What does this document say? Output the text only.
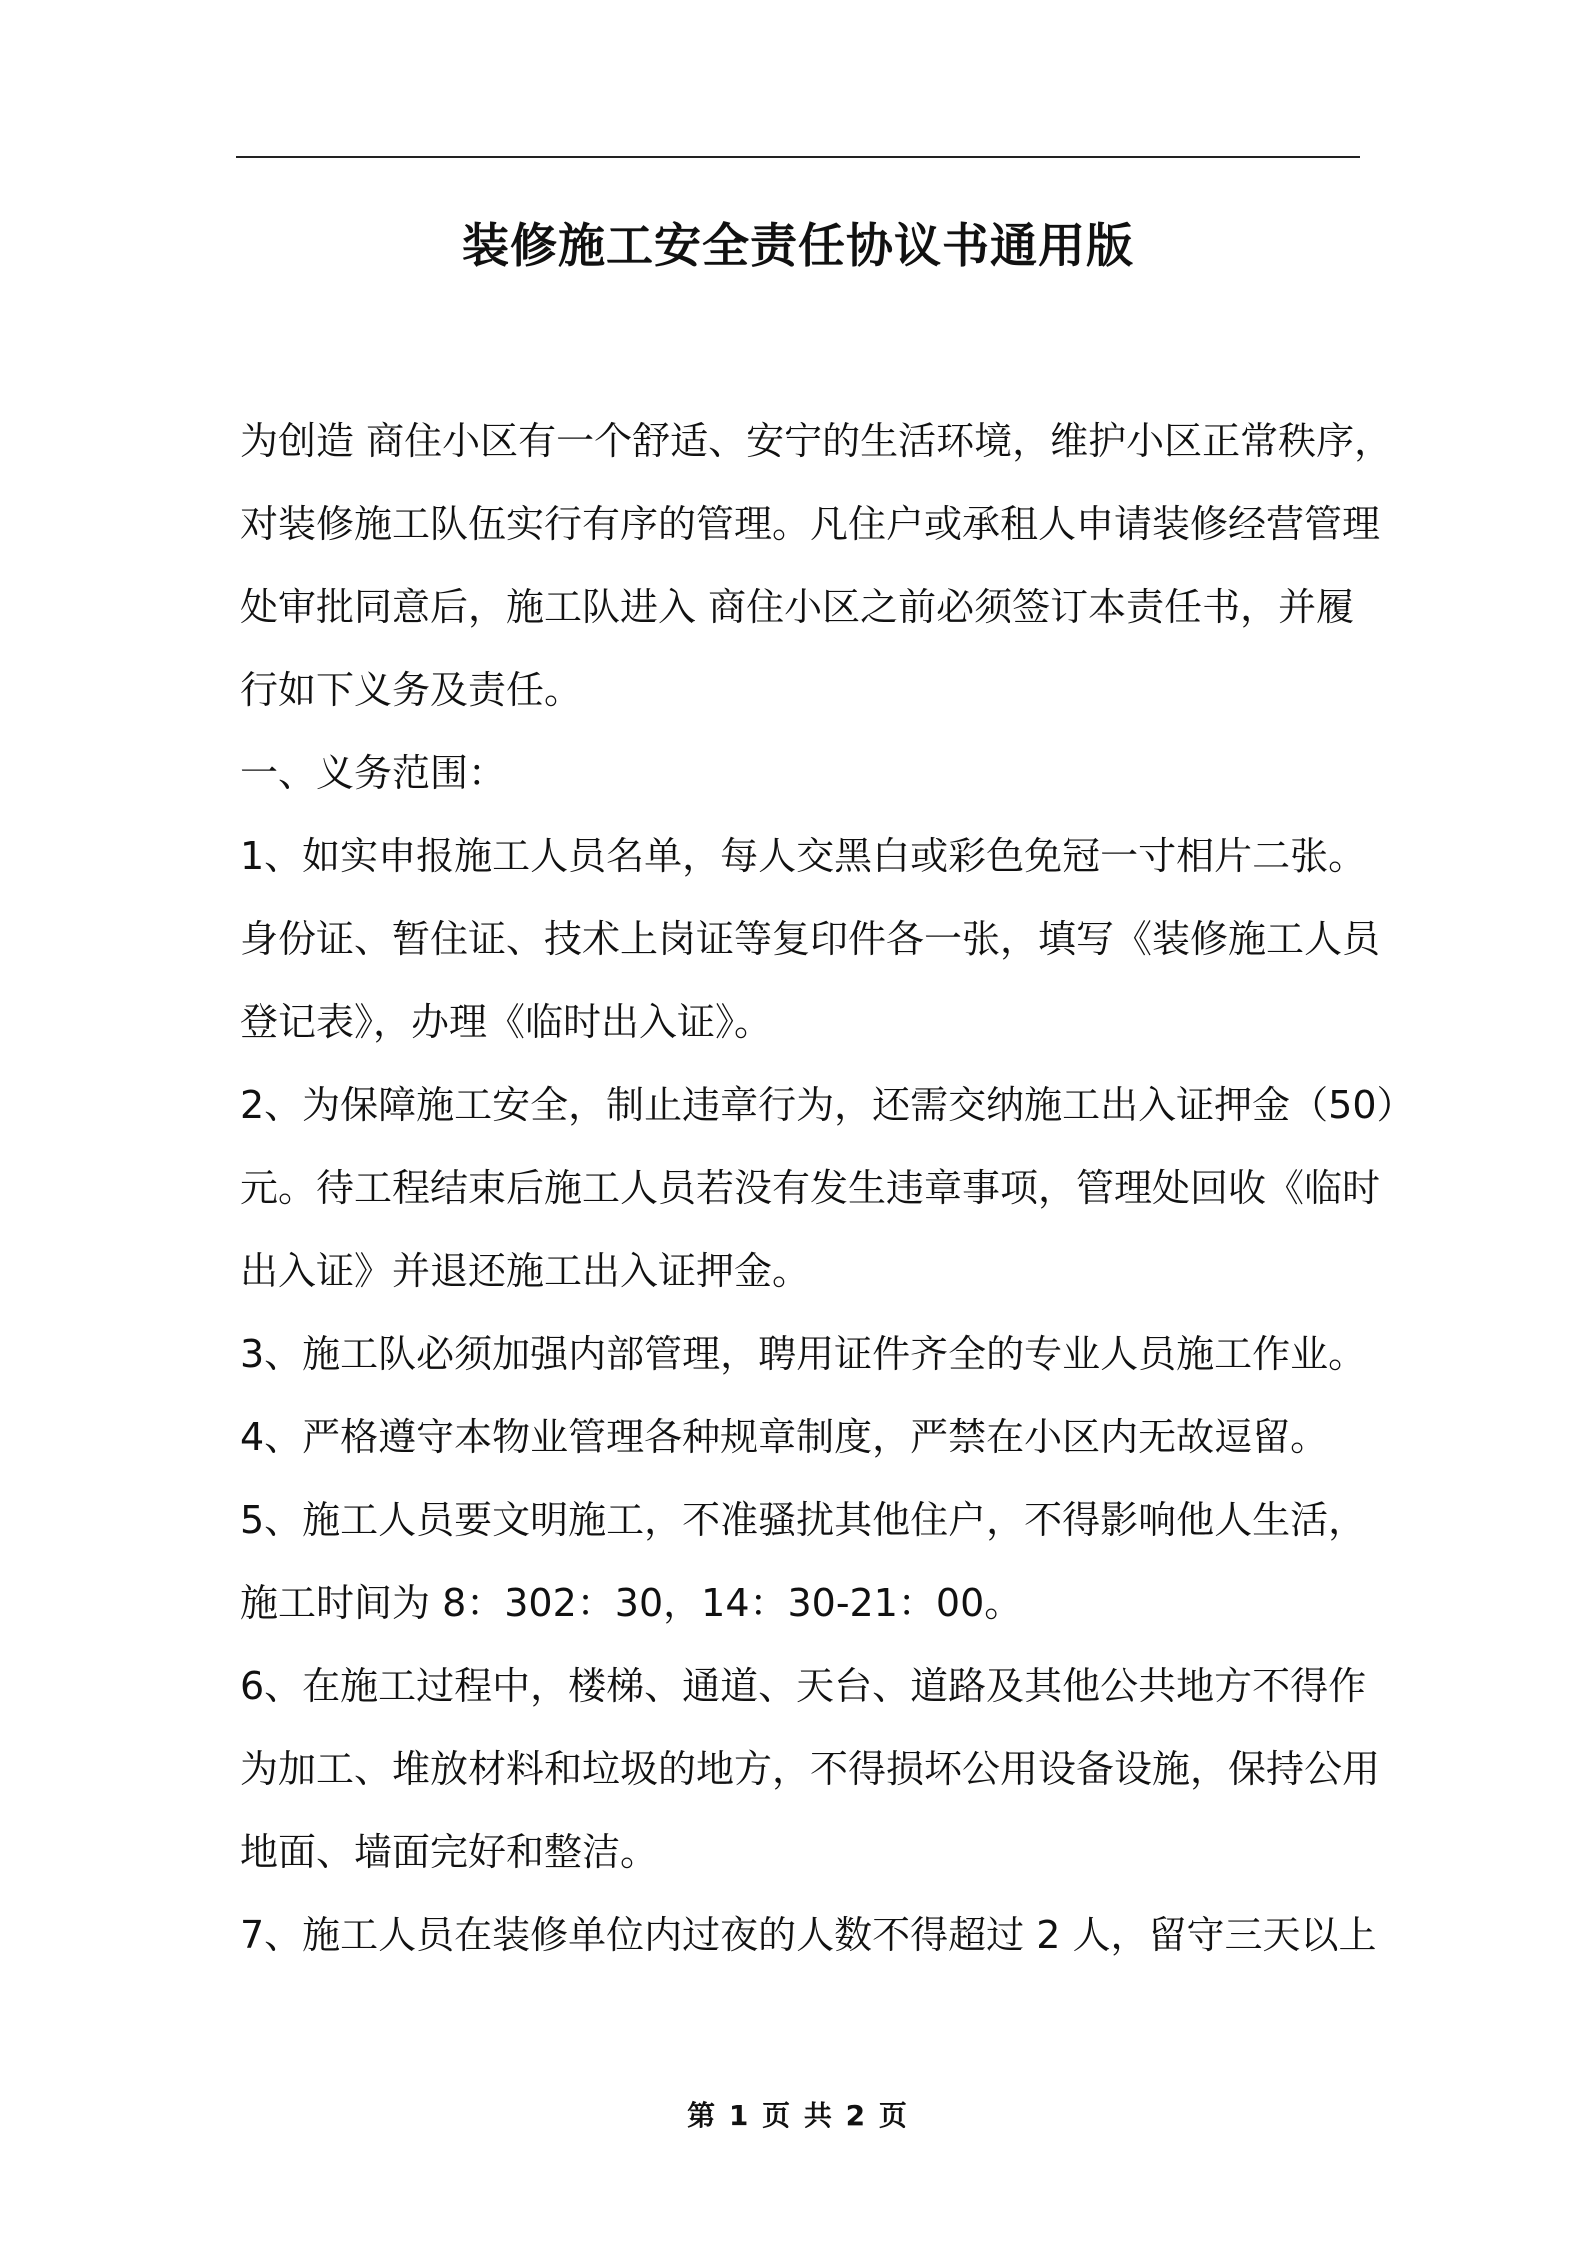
装修施工安全责任协议书通用版
为创造 商住小区有一个舒适、安宁的生活环境，维护小区正常秩序，
对装修施工队伍实行有序的管理。凡住户或承租人申请装修经营管理
处审批同意后，施工队进入 商住小区之前必须签订本责任书，并履
行如下义务及责任。
一、义务范围：
1、如实申报施工人员名单，每人交黑白或彩色免冠一寸相片二张。
身份证、暂住证、技术上岗证等复印件各一张，填写《装修施工人员
登记表》，办理《临时出入证》。
2、为保障施工安全，制止违章行为，还需交纳施工出入证押金（50）
元。待工程结束后施工人员若没有发生违章事项，管理处回收《临时
出入证》并退还施工出入证押金。
3、施工队必须加强内部管理，聘用证件齐全的专业人员施工作业。
4、严格遵守本物业管理各种规章制度，严禁在小区内无故逗留。
5、施工人员要文明施工，不准骚扰其他住户，不得影响他人生活，
施工时间为 8：302：30，14：30-21：00。
6、在施工过程中，楼梯、通道、天台、道路及其他公共地方不得作
为加工、堆放材料和垃圾的地方，不得损坏公用设备设施，保持公用
地面、墙面完好和整洁。
7、施工人员在装修单位内过夜的人数不得超过 2 人，留守三天以上
第 1 页 共 2 页
